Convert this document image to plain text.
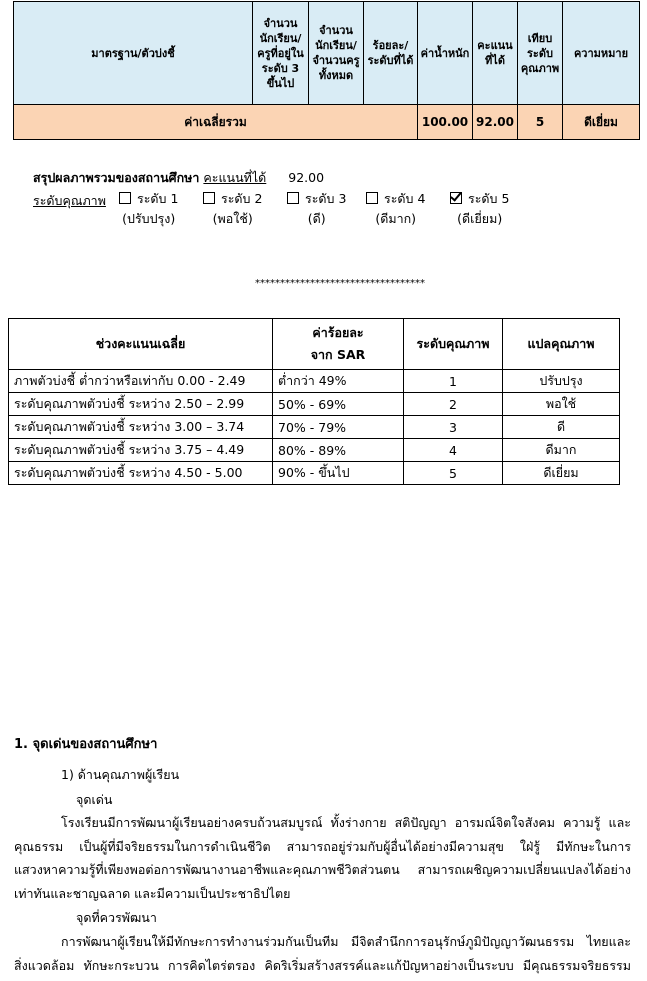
มาตรฐาน/ตัวบ่งชี้	จำนวนนักเรียน/ครูที่อยู่ในระดับ 3 ขึ้นไป	จำนวนนักเรียน/จำนวนครูทั้งหมด	ร้อยละ/ระดับที่ได้	ค่าน้ำหนัก	คะแนนที่ได้	เทียบระดับคุณภาพ	ความหมาย
ค่าเฉลี่ยรวม				100.00	92.00	5	ดีเยี่ยม
สรุปผลภาพรวมของสถานศึกษา คะแนนที่ได้ 92.00
ระดับคุณภาพ	ระดับ 1
(ปรับปรุง)
ระดับ 2
(พอใช้)
ระดับ 3
(ดี)
ระดับ 4
(ดีมาก)
ระดับ 5
(ดีเยี่ยม)
**********************************
ช่วงคะแนนเฉลี่ย	ค่าร้อยละ
จาก SAR	ระดับคุณภาพ	แปลคุณภาพ
ภาพตัวบ่งชี้ ต่ำกว่าหรือเท่ากับ 0.00 - 2.49	ต่ำกว่า 49%	1	ปรับปรุง
ระดับคุณภาพตัวบ่งชี้ ระหว่าง 2.50 – 2.99	50% - 69%	2	พอใช้
ระดับคุณภาพตัวบ่งชี้ ระหว่าง 3.00 – 3.74	70% - 79%	3	ดี
ระดับคุณภาพตัวบ่งชี้ ระหว่าง 3.75 – 4.49	80% - 89%	4	ดีมาก
ระดับคุณภาพตัวบ่งชี้ ระหว่าง 4.50 - 5.00	90% - ขึ้นไป	5	ดีเยี่ยม
1. จุดเด่นของสถานศึกษา
1) ด้านคุณภาพผู้เรียน
จุดเด่น
โรงเรียนมีการพัฒนาผู้เรียนอย่างครบถ้วนสมบูรณ์ ทั้งร่างกาย สติปัญญา อารมณ์จิตใจสังคม ความรู้ และ
คุณธรรม เป็นผู้ที่มีจริยธรรมในการดำเนินชีวิต สามารถอยู่ร่วมกับผู้อื่นได้อย่างมีความสุข ใฝ่รู้ มีทักษะในการ
แสวงหาความรู้ที่เพียงพอต่อการพัฒนางานอาชีพและคุณภาพชีวิตส่วนตน สามารถเผชิญความเปลี่ยนแปลงได้อย่าง
เท่าทันและชาญฉลาด และมีความเป็นประชาธิปไตย
จุดที่ควรพัฒนา
การพัฒนาผู้เรียนให้มีทักษะการทำงานร่วมกันเป็นทีม มีจิตสำนึกการอนุรักษ์ภูมิปัญญาวัฒนธรรม ไทยและ
สิ่งแวดล้อม ทักษะกระบวน การคิดไตร่ตรอง คิดริเริ่มสร้างสรรค์และแก้ปัญหาอย่างเป็นระบบ มีคุณธรรมจริยธรรม
